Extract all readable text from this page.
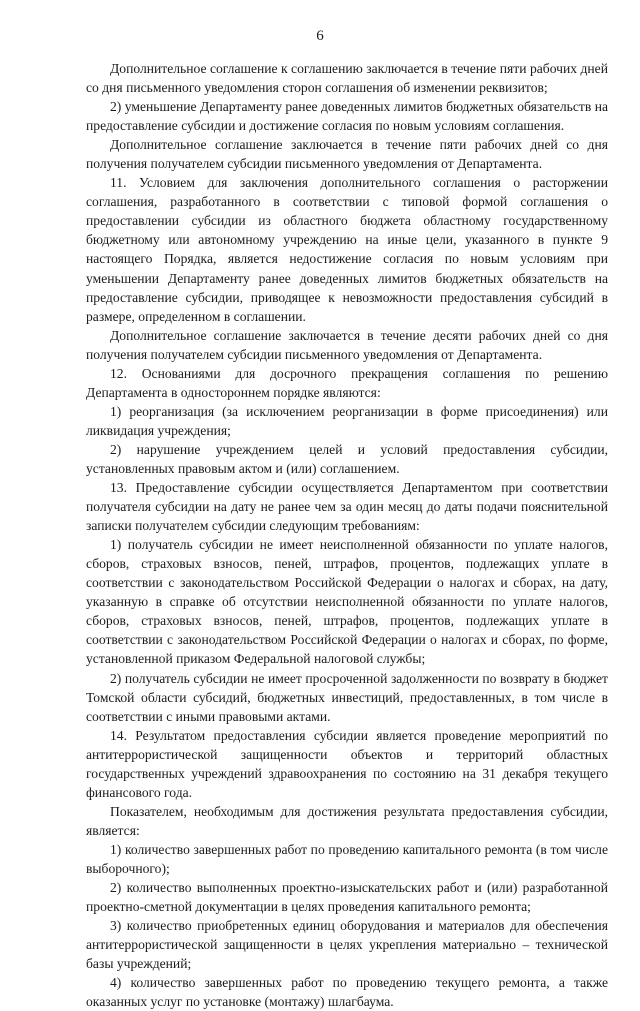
6

Дополнительное соглашение к соглашению заключается в течение пяти рабочих дней со дня письменного уведомления сторон соглашения об изменении реквизитов;

2) уменьшение Департаменту ранее доведенных лимитов бюджетных обязательств на предоставление субсидии и достижение согласия по новым условиям соглашения.

Дополнительное соглашение заключается в течение пяти рабочих дней со дня получения получателем субсидии письменного уведомления от Департамента.

11. Условием для заключения дополнительного соглашения о расторжении соглашения, разработанного в соответствии с типовой формой соглашения о предоставлении субсидии из областного бюджета областному государственному бюджетному или автономному учреждению на иные цели, указанного в пункте 9 настоящего Порядка, является недостижение согласия по новым условиям при уменьшении Департаменту ранее доведенных лимитов бюджетных обязательств на предоставление субсидии, приводящее к невозможности предоставления субсидий в размере, определенном в соглашении.

Дополнительное соглашение заключается в течение десяти рабочих дней со дня получения получателем субсидии письменного уведомления от Департамента.

12. Основаниями для досрочного прекращения соглашения по решению Департамента в одностороннем порядке являются:

1) реорганизация (за исключением реорганизации в форме присоединения) или ликвидация учреждения;

2) нарушение учреждением целей и условий предоставления субсидии, установленных правовым актом и (или) соглашением.

13. Предоставление субсидии осуществляется Департаментом при соответствии получателя субсидии на дату не ранее чем за один месяц до даты подачи пояснительной записки получателем субсидии следующим требованиям:

1) получатель субсидии не имеет неисполненной обязанности по уплате налогов, сборов, страховых взносов, пеней, штрафов, процентов, подлежащих уплате в соответствии с законодательством Российской Федерации о налогах и сборах, на дату, указанную в справке об отсутствии неисполненной обязанности по уплате налогов, сборов, страховых взносов, пеней, штрафов, процентов, подлежащих уплате в соответствии с законодательством Российской Федерации о налогах и сборах, по форме, установленной приказом Федеральной налоговой службы;

2) получатель субсидии не имеет просроченной задолженности по возврату в бюджет Томской области субсидий, бюджетных инвестиций, предоставленных, в том числе в соответствии с иными правовыми актами.

14. Результатом предоставления субсидии является проведение мероприятий по антитеррористической защищенности объектов и территорий областных государственных учреждений здравоохранения по состоянию на 31 декабря текущего финансового года.

Показателем, необходимым для достижения результата предоставления субсидии, является:

1) количество завершенных работ по проведению капитального ремонта (в том числе выборочного);

2) количество выполненных проектно-изыскательских работ и (или) разработанной проектно-сметной документации в целях проведения капитального ремонта;

3) количество приобретенных единиц оборудования и материалов для обеспечения антитеррористической защищенности в целях укрепления материально – технической базы учреждений;

4) количество завершенных работ по проведению текущего ремонта, а также оказанных услуг по установке (монтажу) шлагбаума.
